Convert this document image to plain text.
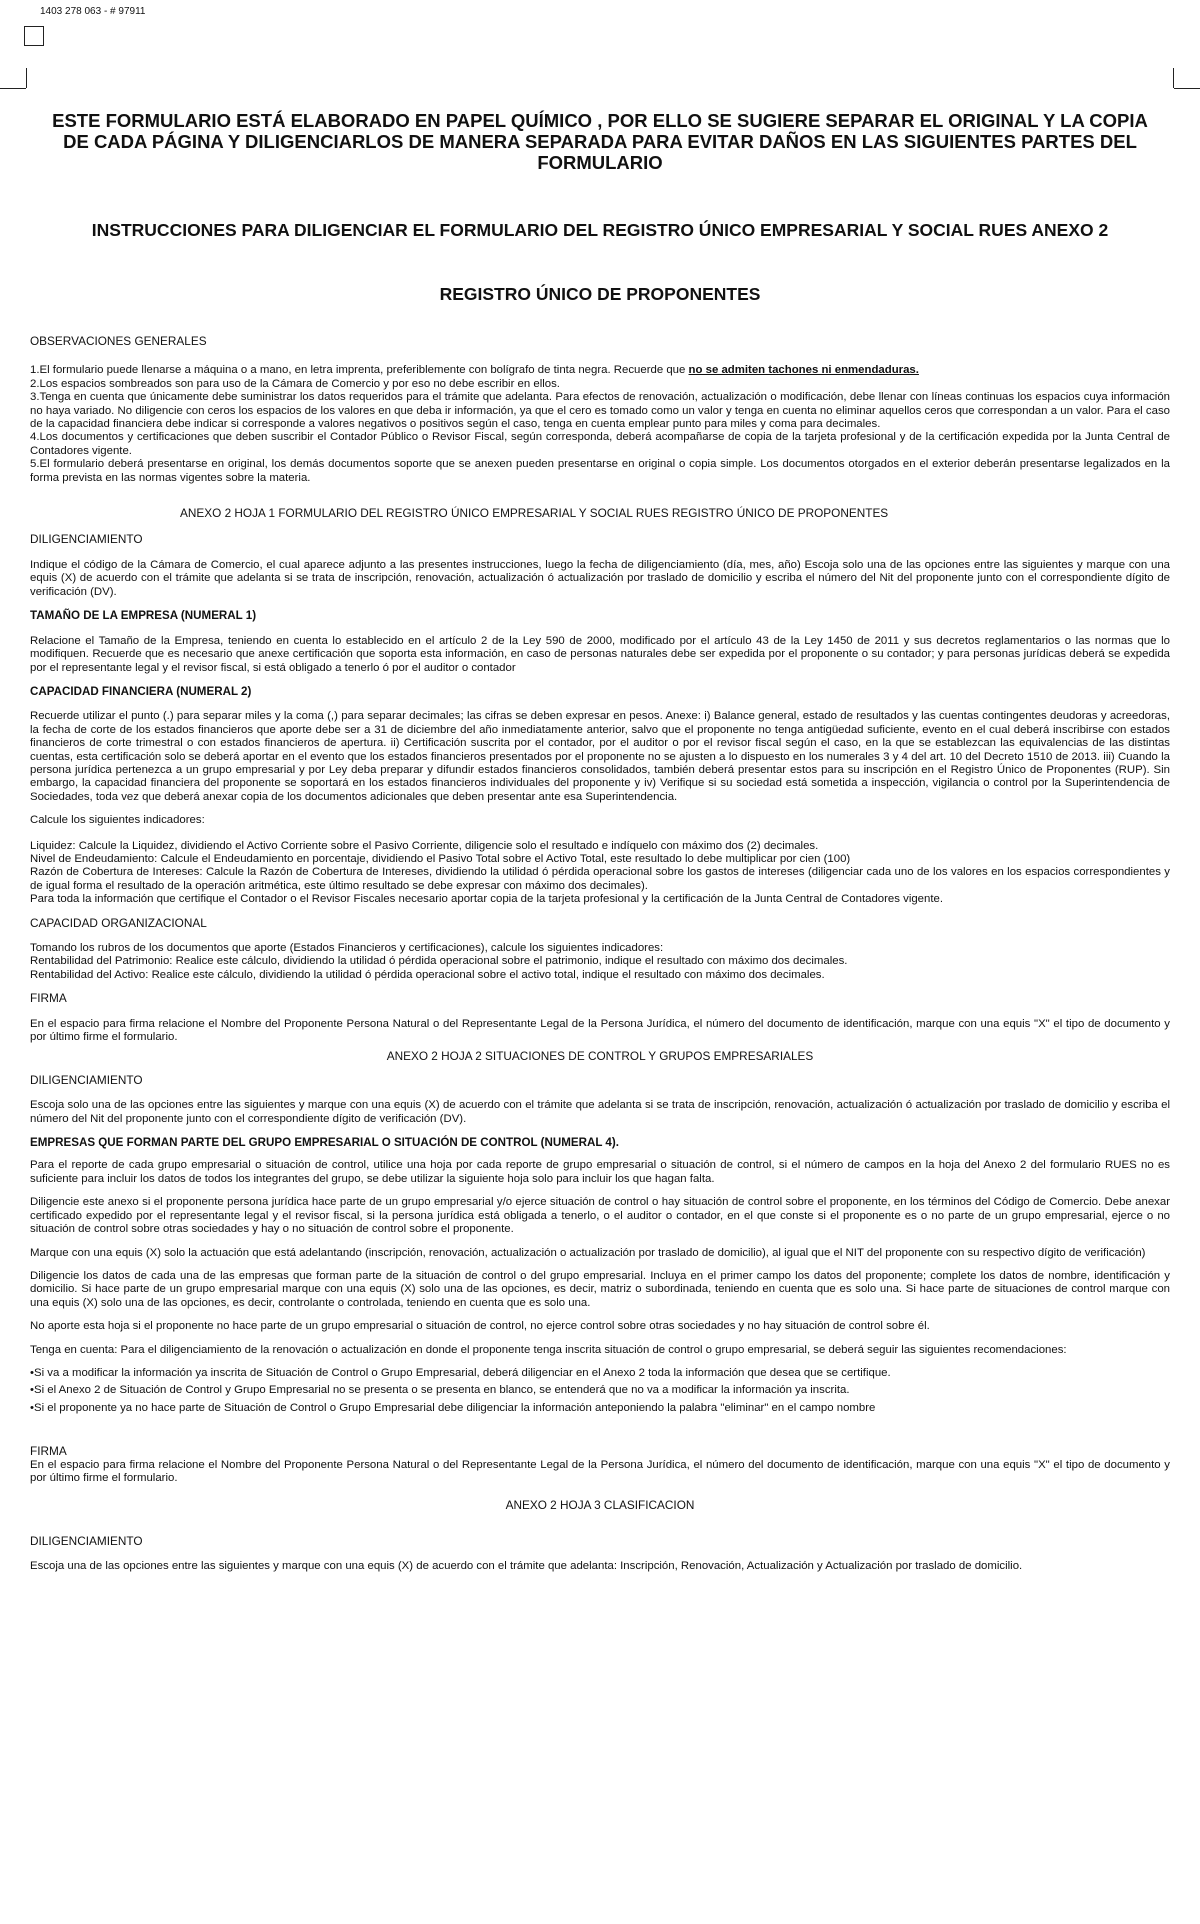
1403 278 063 - # 97911
ESTE FORMULARIO ESTÁ ELABORADO EN PAPEL QUÍMICO , POR ELLO SE SUGIERE SEPARAR EL ORIGINAL Y LA COPIA DE CADA PÁGINA Y DILIGENCIARLOS DE MANERA SEPARADA PARA EVITAR DAÑOS EN LAS SIGUIENTES PARTES DEL FORMULARIO
INSTRUCCIONES PARA DILIGENCIAR EL FORMULARIO DEL REGISTRO ÚNICO EMPRESARIAL Y SOCIAL RUES ANEXO 2
REGISTRO ÚNICO DE PROPONENTES

OBSERVACIONES GENERALES

1.El formulario puede llenarse a máquina o a mano, en letra imprenta, preferiblemente con bolígrafo de tinta negra. Recuerde que no se admiten tachones ni enmendaduras.

2.Los espacios sombreados son para uso de la Cámara de Comercio y por eso no debe escribir en ellos.

3.Tenga en cuenta que únicamente debe suministrar los datos requeridos para el trámite que adelanta. Para efectos de renovación, actualización o modificación, debe llenar con líneas continuas los espacios cuya información no haya variado. No diligencie con ceros los espacios de los valores en que deba ir información, ya que el cero es tomado como un valor y tenga en cuenta no eliminar aquellos ceros que correspondan a un valor. Para el caso de la capacidad financiera debe indicar si corresponde a valores negativos o positivos según el caso, tenga en cuenta emplear punto para miles y coma para decimales.

4.Los documentos y certificaciones que deben suscribir el Contador Público o Revisor Fiscal, según corresponda, deberá acompañarse de copia de la tarjeta profesional y de la certificación expedida por la Junta Central de Contadores vigente.

5.El formulario deberá presentarse en original, los demás documentos soporte que se anexen pueden presentarse en original o copia simple. Los documentos otorgados en el exterior deberán presentarse legalizados en la forma prevista en las normas vigentes sobre la materia.

ANEXO 2 HOJA 1 FORMULARIO DEL REGISTRO ÚNICO EMPRESARIAL Y SOCIAL RUES REGISTRO ÚNICO DE PROPONENTES
DILIGENCIAMIENTO

Indique el código de la Cámara de Comercio, el cual aparece adjunto a las presentes instrucciones, luego la fecha de diligenciamiento (día, mes, año) Escoja solo una de las opciones entre las siguientes y marque con una equis (X) de acuerdo con el trámite que adelanta si se trata de inscripción, renovación, actualización ó actualización por traslado de domicilio y escriba el número del Nit del proponente junto con el correspondiente dígito de verificación (DV).

TAMAÑO DE LA EMPRESA (NUMERAL 1)

Relacione el Tamaño de la Empresa, teniendo en cuenta lo establecido en el artículo 2 de la Ley 590 de 2000, modificado por el artículo 43 de la Ley 1450 de 2011 y sus decretos reglamentarios o las normas que lo modifiquen. Recuerde que es necesario que anexe certificación que soporta esta información, en caso de personas naturales debe ser expedida por el proponente o su contador; y para personas jurídicas deberá se expedida por el representante legal y el revisor fiscal, si está obligado a tenerlo ó por el auditor o contador

CAPACIDAD FINANCIERA (NUMERAL 2)

Recuerde utilizar el punto (.) para separar miles y la coma (,) para separar decimales; las cifras se deben expresar en pesos. Anexe: i) Balance general, estado de resultados y las cuentas contingentes deudoras y acreedoras, la fecha de corte de los estados financieros que aporte debe ser a 31 de diciembre del año inmediatamente anterior, salvo que el proponente no tenga antigüedad suficiente, evento en el cual deberá inscribirse con estados financieros de corte trimestral o con estados financieros de apertura. ii) Certificación suscrita por el contador, por el auditor o por el revisor fiscal según el caso, en la que se establezcan las equivalencias de las distintas cuentas, esta certificación solo se deberá aportar en el evento que los estados financieros presentados por el proponente no se ajusten a lo dispuesto en los numerales 3 y 4 del art. 10 del Decreto 1510 de 2013. iii) Cuando la persona jurídica pertenezca a un grupo empresarial y por Ley deba preparar y difundir estados financieros consolidados, también deberá presentar estos para su inscripción en el Registro Único de Proponentes (RUP). Sin embargo, la capacidad financiera del proponente se soportará en los estados financieros individuales del proponente y iv) Verifique si su sociedad está sometida a inspección, vigilancia o control por la Superintendencia de Sociedades, toda vez que deberá anexar copia de los documentos adicionales que deben presentar ante esa Superintendencia.

Calcule los siguientes indicadores:

Liquidez: Calcule la Liquidez, dividiendo el Activo Corriente sobre el Pasivo Corriente, diligencie solo el resultado e indíquelo con máximo dos (2) decimales.

Nivel de Endeudamiento: Calcule el Endeudamiento en porcentaje, dividiendo el Pasivo Total sobre el Activo Total, este resultado lo debe multiplicar por cien (100)

Razón de Cobertura de Intereses: Calcule la Razón de Cobertura de Intereses, dividiendo la utilidad ó pérdida operacional sobre los gastos de intereses (diligenciar cada uno de los valores en los espacios correspondientes y de igual forma el resultado de la operación aritmética, este último resultado se debe expresar con máximo dos decimales).

Para toda la información que certifique el Contador o el Revisor Fiscales necesario aportar copia de la tarjeta profesional y la certificación de la Junta Central de Contadores vigente.

CAPACIDAD ORGANIZACIONAL

Tomando los rubros de los documentos que aporte (Estados Financieros y certificaciones), calcule los siguientes indicadores:

Rentabilidad del Patrimonio: Realice este cálculo, dividiendo la utilidad ó pérdida operacional sobre el patrimonio, indique el resultado con máximo dos decimales.

Rentabilidad del Activo: Realice este cálculo, dividiendo la utilidad ó pérdida operacional sobre el activo total, indique el resultado con máximo dos decimales.

FIRMA

En el espacio para firma relacione el Nombre del Proponente Persona Natural o del Representante Legal de la Persona Jurídica, el número del documento de identificación, marque con una equis "X" el tipo de documento y por último firme el formulario.

ANEXO 2 HOJA 2 SITUACIONES DE CONTROL Y GRUPOS EMPRESARIALES

DILIGENCIAMIENTO

Escoja solo una de las opciones entre las siguientes y marque con una equis (X) de acuerdo con el trámite que adelanta si se trata de inscripción, renovación, actualización ó actualización por traslado de domicilio y escriba el número del Nit del proponente junto con el correspondiente dígito de verificación (DV).

EMPRESAS QUE FORMAN PARTE DEL GRUPO EMPRESARIAL O SITUACIÓN DE CONTROL (NUMERAL 4).

Para el reporte de cada grupo empresarial o situación de control, utilice una hoja por cada reporte de grupo empresarial o situación de control, si el número de campos en la hoja del Anexo 2 del formulario RUES no es suficiente para incluir los datos de todos los integrantes del grupo, se debe utilizar la siguiente hoja solo para incluir los que hagan falta.

Diligencie este anexo si el proponente persona jurídica hace parte de un grupo empresarial y/o ejerce situación de control o hay situación de control sobre el proponente, en los términos del Código de Comercio. Debe anexar certificado expedido por el representante legal y el revisor fiscal, si la persona jurídica está obligada a tenerlo, o el auditor o contador, en el que conste si el proponente es o no parte de un grupo empresarial, ejerce o no situación de control sobre otras sociedades y hay o no situación de control sobre el proponente.

Marque con una equis (X) solo la actuación que está adelantando (inscripción, renovación, actualización o actualización por traslado de domicilio), al igual que el NIT del proponente con su respectivo dígito de verificación)

Diligencie los datos de cada una de las empresas que forman parte de la situación de control o del grupo empresarial. Incluya en el primer campo los datos del proponente; complete los datos de nombre, identificación y domicilio. Si hace parte de un grupo empresarial marque con una equis (X) solo una de las opciones, es decir, matriz o subordinada, teniendo en cuenta que es solo una. Si hace parte de situaciones de control marque con una equis (X) solo una de las opciones, es decir, controlante o controlada, teniendo en cuenta que es solo una.

No aporte esta hoja si el proponente no hace parte de un grupo empresarial o situación de control, no ejerce control sobre otras sociedades y no hay situación de control sobre él.

Tenga en cuenta: Para el diligenciamiento de la renovación o actualización en donde el proponente tenga inscrita situación de control o grupo empresarial, se deberá seguir las siguientes recomendaciones:

•Si va a modificar la información ya inscrita de Situación de Control o Grupo Empresarial, deberá diligenciar en el Anexo 2 toda la información que desea que se certifique.

•Si el Anexo 2 de Situación de Control y Grupo Empresarial no se presenta o se presenta en blanco, se entenderá que no va a modificar la información ya inscrita.

•Si el proponente ya no hace parte de Situación de Control o Grupo Empresarial debe diligenciar la información anteponiendo la palabra "eliminar" en el campo nombre

FIRMA

En el espacio para firma relacione el Nombre del Proponente Persona Natural o del Representante Legal de la Persona Jurídica, el número del documento de identificación, marque con una equis "X" el tipo de documento y por último firme el formulario.

ANEXO 2 HOJA 3 CLASIFICACION

DILIGENCIAMIENTO

Escoja una de las opciones entre las siguientes y marque con una equis (X) de acuerdo con el trámite que adelanta: Inscripción, Renovación, Actualización y Actualización por traslado de domicilio.
